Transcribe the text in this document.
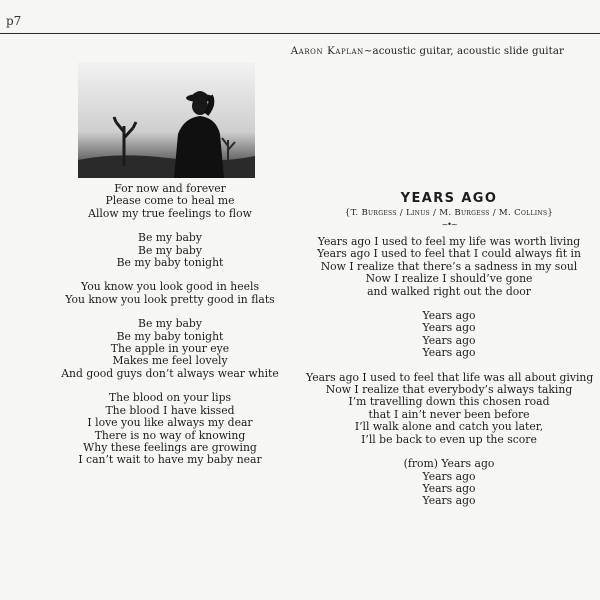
p7
Aaron Kaplan~acoustic guitar, acoustic slide guitar
For now and forever
Please come to heal me
Allow my true feelings to flow
Be my baby
Be my baby
Be my baby tonight
You know you look good in heels
You know you look pretty good in flats
Be my baby
Be my baby tonight
The apple in your eye
Makes me feel lovely
And good guys don’t always wear white
The blood on your lips
The blood I have kissed
I love you like always my dear
There is no way of knowing
Why these feelings are growing
I can’t wait to have my baby near
YEARS AGO
{T. Burgess / Linus / M. Burgess / M. Collins}
~•~
Years ago I used to feel my life was worth living
Years ago I used to feel that I could always fit in
Now I realize that there’s a sadness in my soul
Now I realize I should’ve gone
and walked right out the door
Years ago
Years ago
Years ago
Years ago
Years ago I used to feel that life was all about giving
Now I realize that everybody’s always taking
I’m travelling down this chosen road
that I ain’t never been before
I’ll walk alone and catch you later,
I’ll be back to even up the score
(from) Years ago
Years ago
Years ago
Years ago
